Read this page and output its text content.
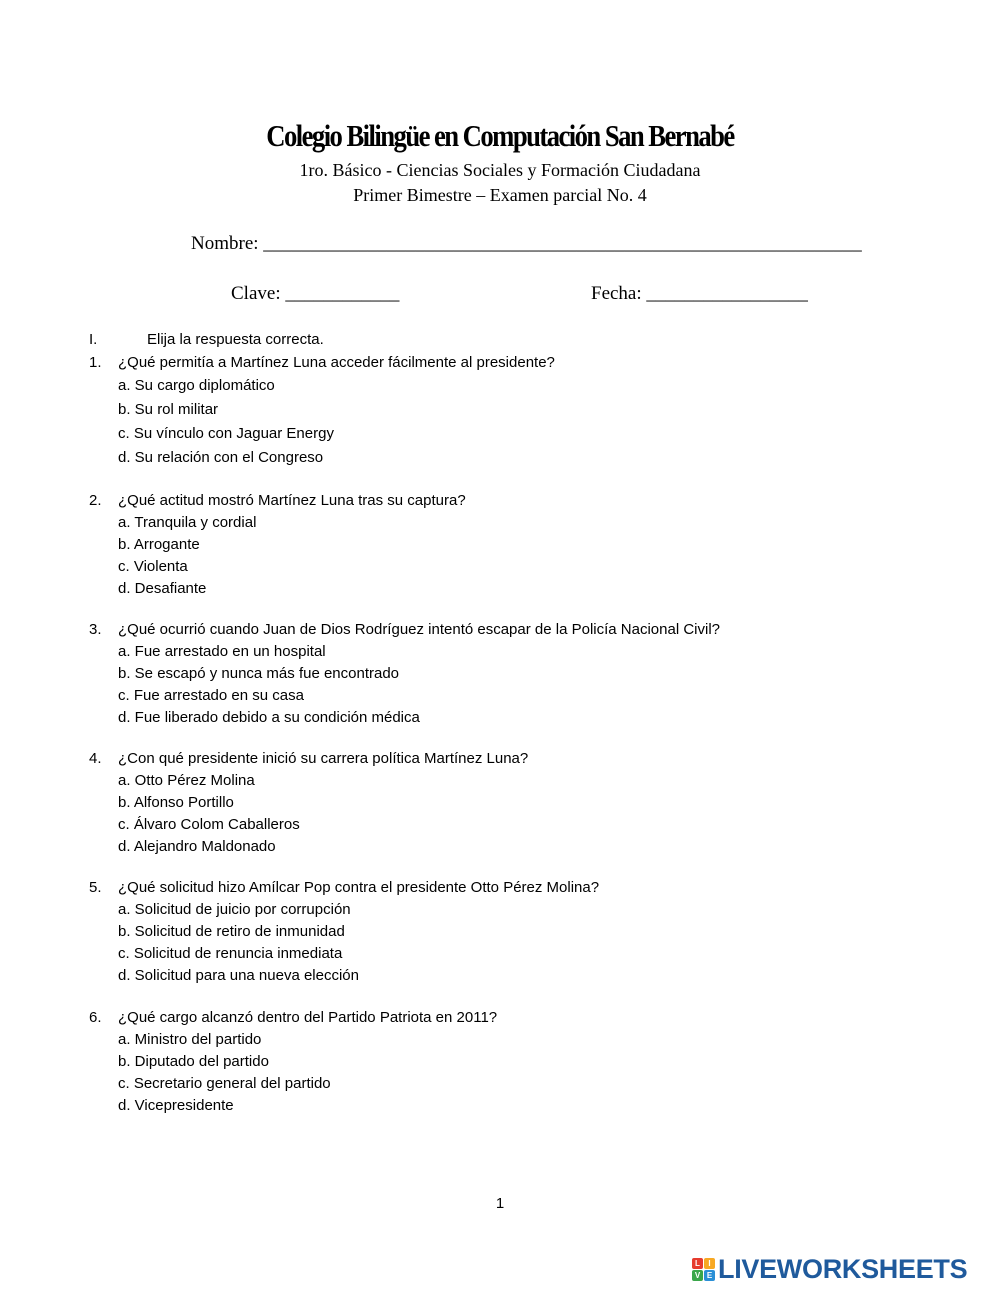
Colegio Bilingüe en Computación San Bernabé
1ro. Básico - Ciencias Sociales y Formación Ciudadana
Primer Bimestre – Examen parcial No. 4
Nombre: _______________________________________________________________
Clave: ____________	Fecha: _________________
I.	Elija la respuesta correcta.
1. ¿Qué permitía a Martínez Luna acceder fácilmente al presidente?
a. Su cargo diplomático
b. Su rol militar
c. Su vínculo con Jaguar Energy
d. Su relación con el Congreso
2. ¿Qué actitud mostró Martínez Luna tras su captura?
a. Tranquila y cordial
b. Arrogante
c. Violenta
d. Desafiante
3. ¿Qué ocurrió cuando Juan de Dios Rodríguez intentó escapar de la Policía Nacional Civil?
a. Fue arrestado en un hospital
b. Se escapó y nunca más fue encontrado
c. Fue arrestado en su casa
d. Fue liberado debido a su condición médica
4. ¿Con qué presidente inició su carrera política Martínez Luna?
a. Otto Pérez Molina
b. Alfonso Portillo
c. Álvaro Colom Caballeros
d. Alejandro Maldonado
5. ¿Qué solicitud hizo Amílcar Pop contra el presidente Otto Pérez Molina?
a. Solicitud de juicio por corrupción
b. Solicitud de retiro de inmunidad
c. Solicitud de renuncia inmediata
d. Solicitud para una nueva elección
6. ¿Qué cargo alcanzó dentro del Partido Patriota en 2011?
a. Ministro del partido
b. Diputado del partido
c. Secretario general del partido
d. Vicepresidente
1
L	I
V E LIVEWORKSHEETS
